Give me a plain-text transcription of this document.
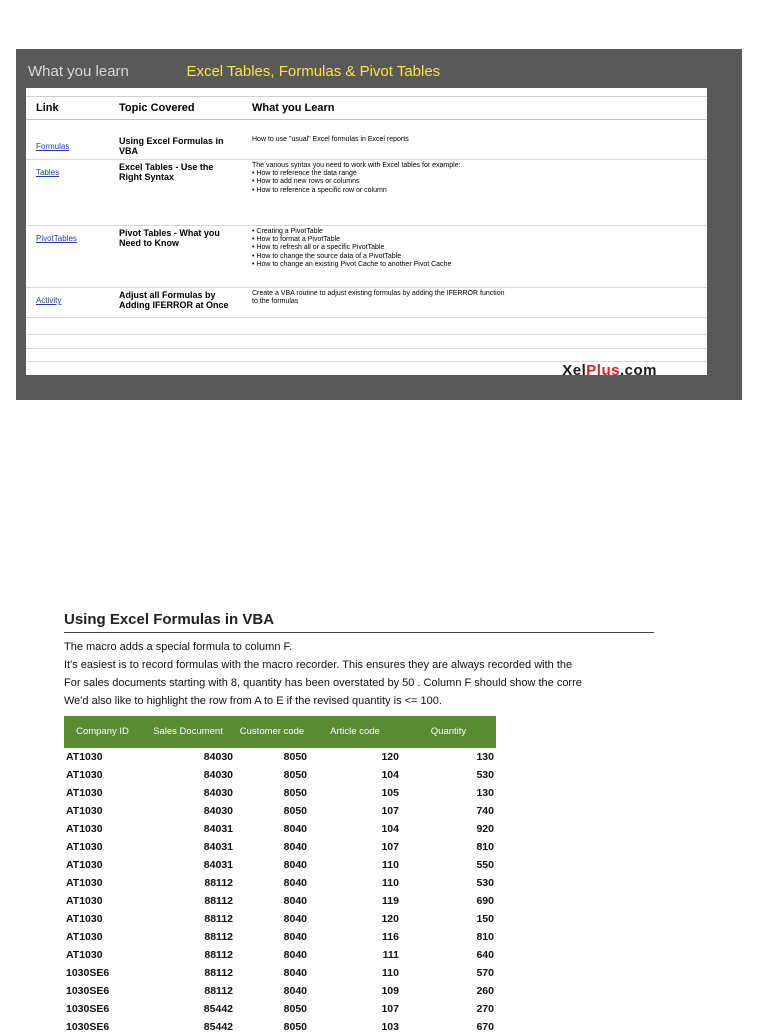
What you learn	Excel Tables, Formulas & Pivot Tables
Link	Topic Covered	What you Learn
Formulas	Using Excel Formulas in VBA	How to use "usual" Excel formulas in Excel reports

Tables	Excel Tables - Use the Right Syntax	The various syntax you need to work with Excel tables for example:
• How to reference the data range
• How to add new rows or columns
• How to reference a specific row or column

PivotTables	Pivot Tables - What you Need to Know	• Creating a PivotTable
• How to format a PivotTable
• How to refresh all or a specific PivotTable
• How to change the source data of a PivotTable
• How to change an existing Pivot Cache to another Pivot Cache

Activity	Adjust all Formulas by Adding IFERROR at Once	Create a VBA routine to adjust existing formulas by adding the IFERROR function to the formulas
XelPlus.com
Using Excel Formulas in VBA
The macro adds a special formula to column F.
It's easiest is to record formulas with the macro recorder. This ensures they are always recorded with the
For sales documents starting with 8, quantity has been overstated by 50 . Column F should show the corre
We'd also like to highlight the row from A to E if the revised quantity is <= 100.
Company ID	Sales Document	Customer code	Article code	Quantity
AT1030	84030	8050	120	130
AT1030	84030	8050	104	530
AT1030	84030	8050	105	130
AT1030	84030	8050	107	740
AT1030	84031	8040	104	920
AT1030	84031	8040	107	810
AT1030	84031	8040	110	550
AT1030	88112	8040	110	530
AT1030	88112	8040	119	690
AT1030	88112	8040	120	150
AT1030	88112	8040	116	810
AT1030	88112	8040	111	640
1030SE6	88112	8040	110	570
1030SE6	88112	8040	109	260
1030SE6	85442	8050	107	270
1030SE6	85442	8050	103	670
